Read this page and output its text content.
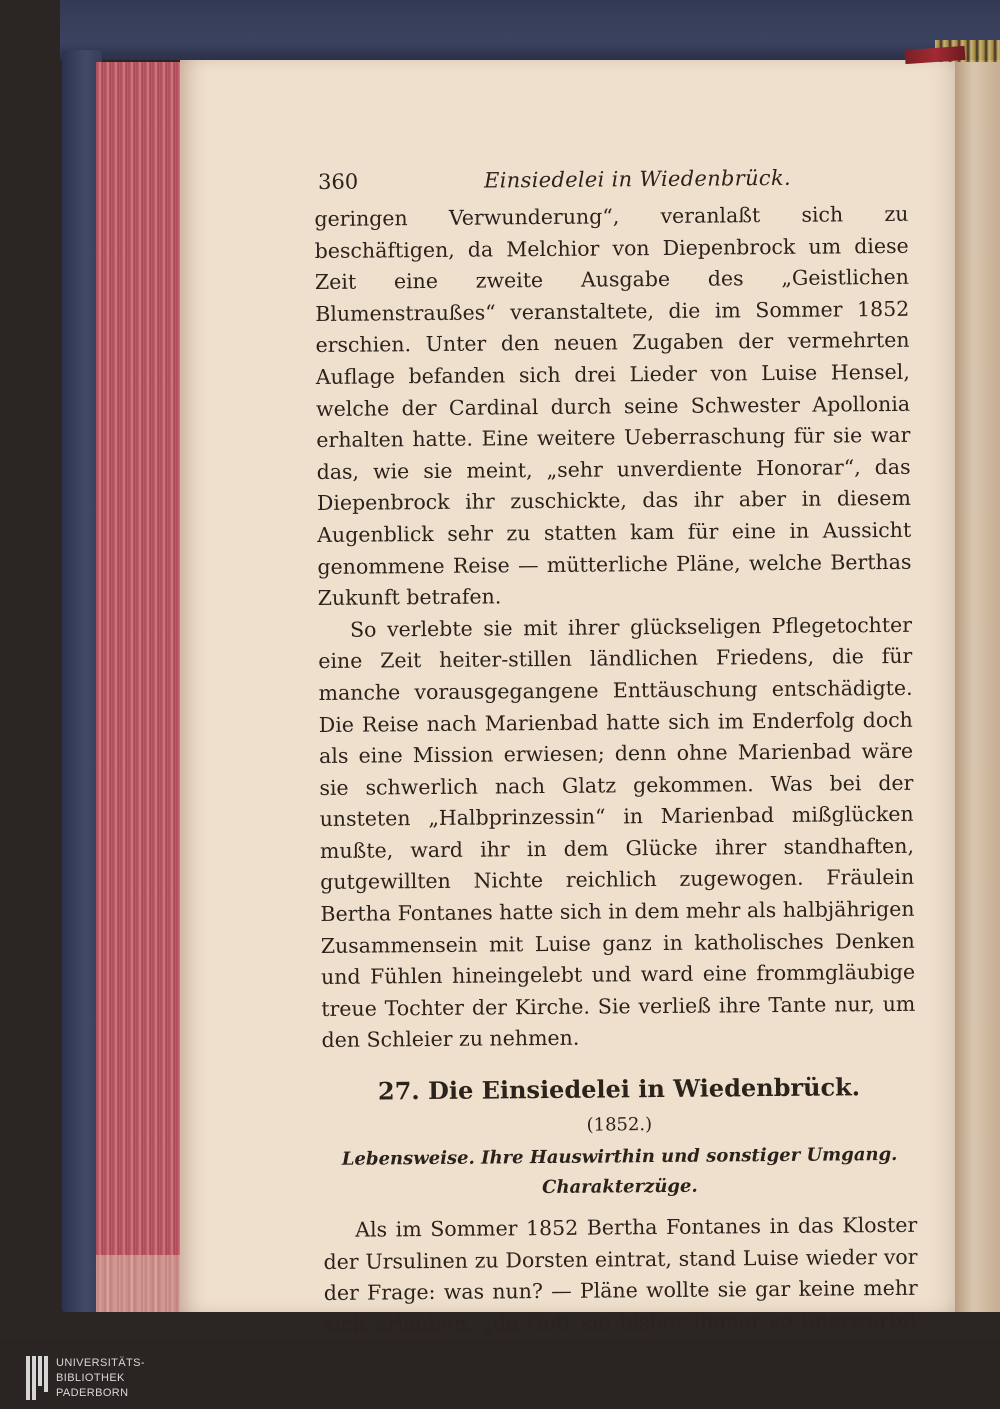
360	Einsiedelei in Wiedenbrück.

geringen Verwunderung“, veranlaßt sich zu beschäftigen, da Melchior von Diepenbrock um diese Zeit eine zweite Ausgabe des „Geistlichen Blumenstraußes“ veranstaltete, die im Sommer 1852 erschien. Unter den neuen Zugaben der vermehrten Auflage befanden sich drei Lieder von Luise Hensel, welche der Cardinal durch seine Schwester Apollonia erhalten hatte. Eine weitere Ueberraschung für sie war das, wie sie meint, „sehr unverdiente Honorar“, das Diepenbrock ihr zuschickte, das ihr aber in diesem Augenblick sehr zu statten kam für eine in Aussicht genommene Reise — mütterliche Pläne, welche Berthas Zukunft betrafen.

So verlebte sie mit ihrer glückseligen Pflegetochter eine Zeit heiter-stillen ländlichen Friedens, die für manche vorausgegangene Enttäuschung entschädigte. Die Reise nach Marienbad hatte sich im Enderfolg doch als eine Mission erwiesen; denn ohne Marienbad wäre sie schwerlich nach Glatz gekommen. Was bei der unsteten „Halbprinzessin“ in Marienbad mißglücken mußte, ward ihr in dem Glücke ihrer standhaften, gutgewillten Nichte reichlich zugewogen. Fräulein Bertha Fontanes hatte sich in dem mehr als halbjährigen Zusammensein mit Luise ganz in katholisches Denken und Fühlen hineingelebt und ward eine frommgläubige treue Tochter der Kirche. Sie verließ ihre Tante nur, um den Schleier zu nehmen.

27. Die Einsiedelei in Wiedenbrück.
(1852.)
Lebensweise. Ihre Hauswirthin und sonstiger Umgang.
Charakterzüge.

Als im Sommer 1852 Bertha Fontanes in das Kloster der Ursulinen zu Dorsten eintrat, stand Luise wieder vor der Frage: was nun? — Pläne wollte sie gar keine mehr sich erlauben, „da Gott sie bisher immer so unerwartet

UNIVERSITÄTS-
BIBLIOTHEK
PADERBORN
